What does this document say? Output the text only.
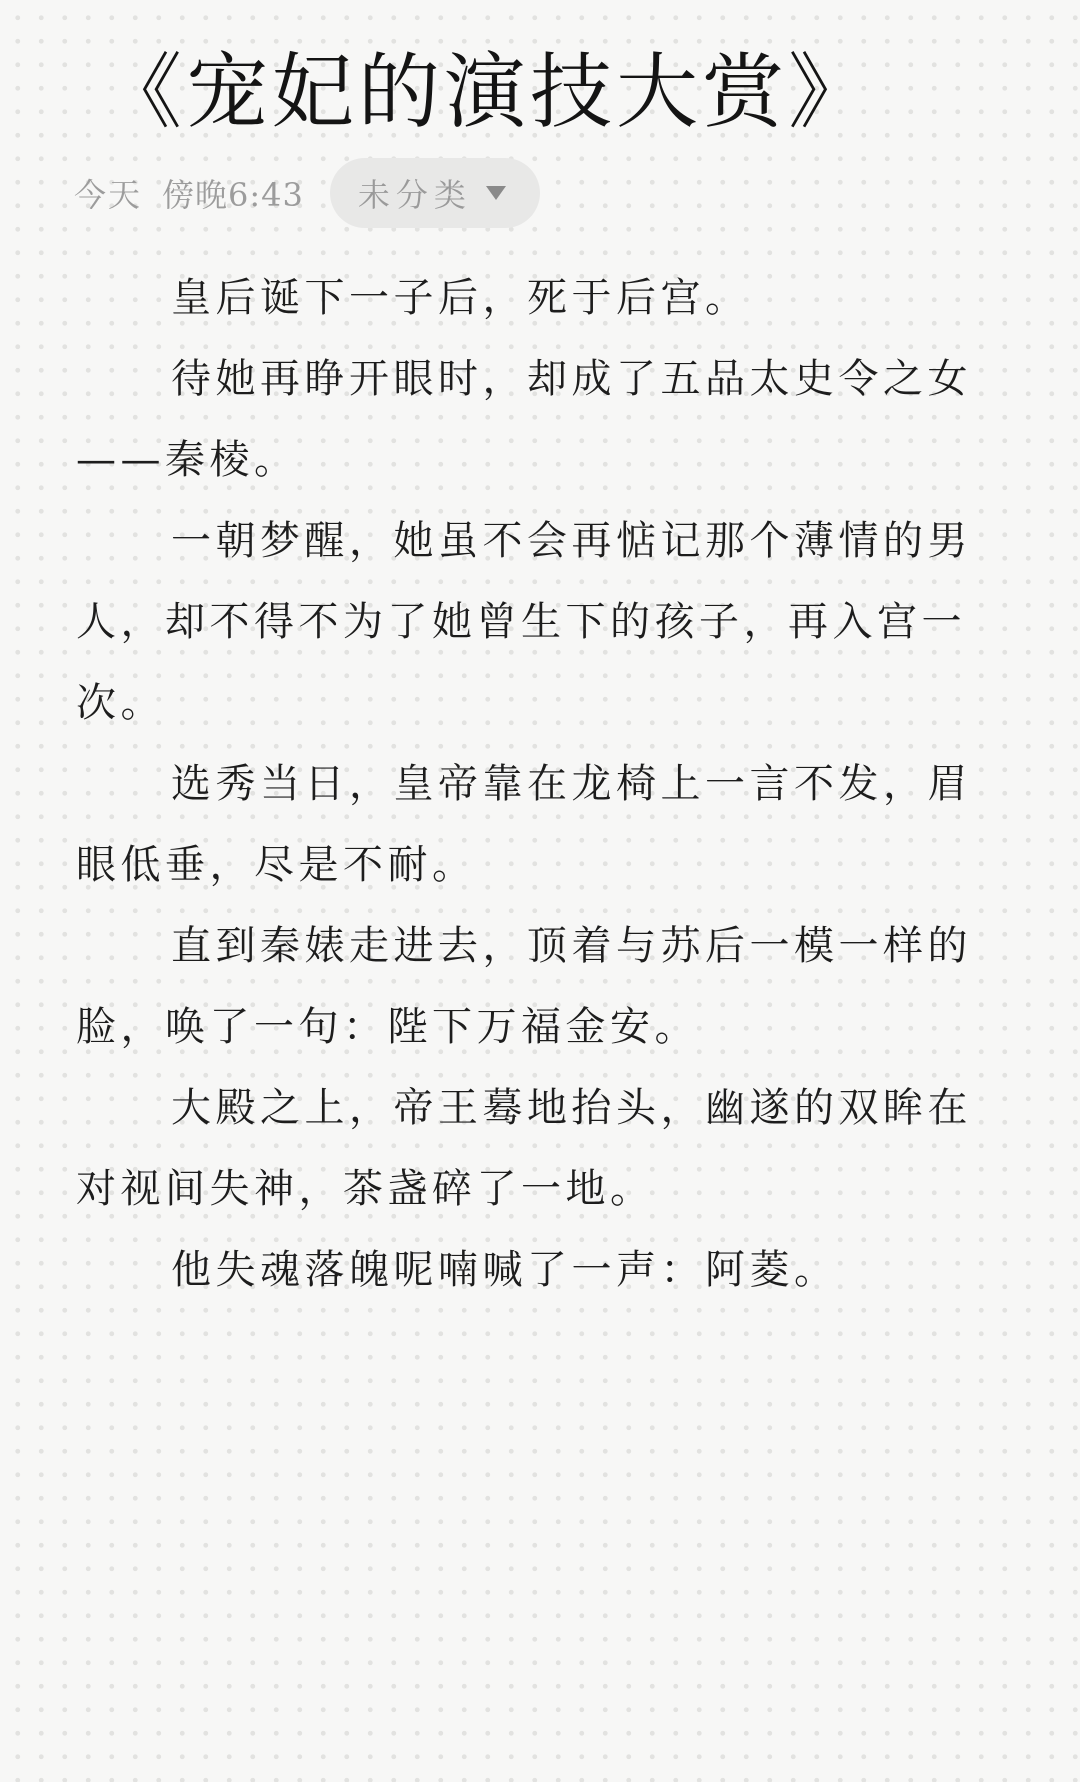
《宠妃的演技大赏》
今天 傍晚6:43 未分类

皇后诞下一子后，死于后宫。

待她再睁开眼时，却成了五品太史令之女——秦棱。

一朝梦醒，她虽不会再惦记那个薄情的男人，却不得不为了她曾生下的孩子，再入宫一次。

选秀当日，皇帝靠在龙椅上一言不发，眉眼低垂，尽是不耐。

直到秦婊走进去，顶着与苏后一模一样的脸，唤了一句：陛下万福金安。

大殿之上，帝王蓦地抬头，幽遂的双眸在对视间失神，茶盏碎了一地。

他失魂落魄呢喃喊了一声：阿菱。
